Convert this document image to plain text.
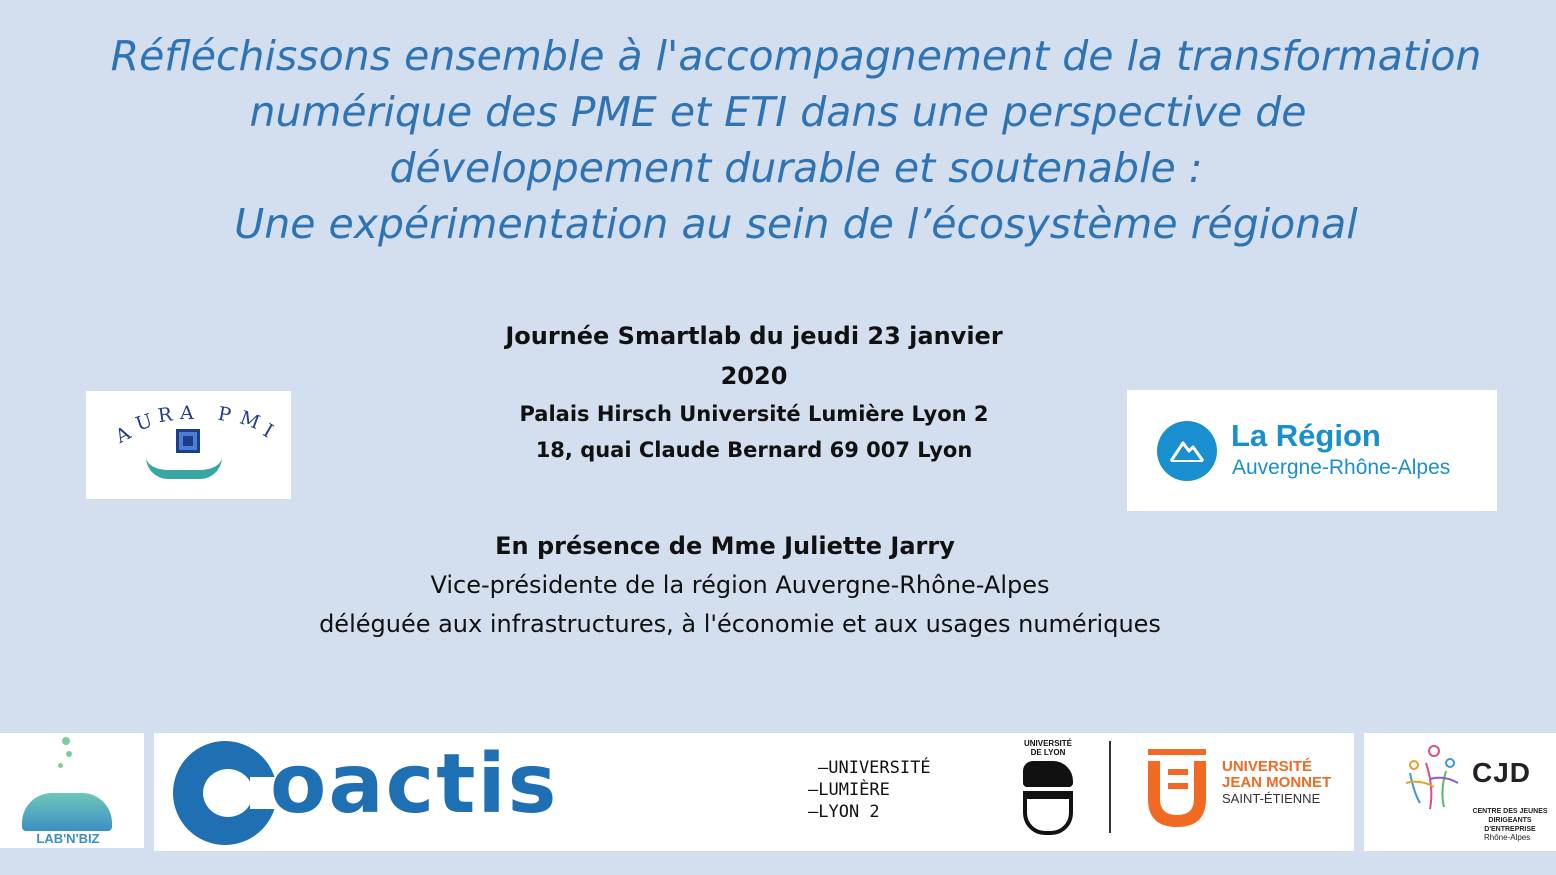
Réfléchissons ensemble à l'accompagnement de la transformation
numérique des PME et ETI dans une perspective de
développement durable et soutenable :
Une expérimentation au sein de l’écosystème régional
Journée Smartlab du jeudi 23 janvier 2020
Palais Hirsch Université Lumière Lyon 2
18, quai Claude Bernard 69 007 Lyon
En présence de Mme Juliette Jarry
Vice-présidente de la région Auvergne-Rhône-Alpes
déléguée aux infrastructures, à l'économie et aux usages numériques
A
U
R A P M
I	La Région
Auvergne-Rhône-Alpes
LAB'N'BIZ
oactis	—UNIVERSITÉ
—LUMIÈRE
—LYON 2
UNIVERSITÉ DE LYON
UNIVERSITÉ
JEAN MONNET
SAINT-ÉTIENNE
CJD
CENTRE DES JEUNES DIRIGEANTS D'ENTREPRISE
Rhône-Alpes
